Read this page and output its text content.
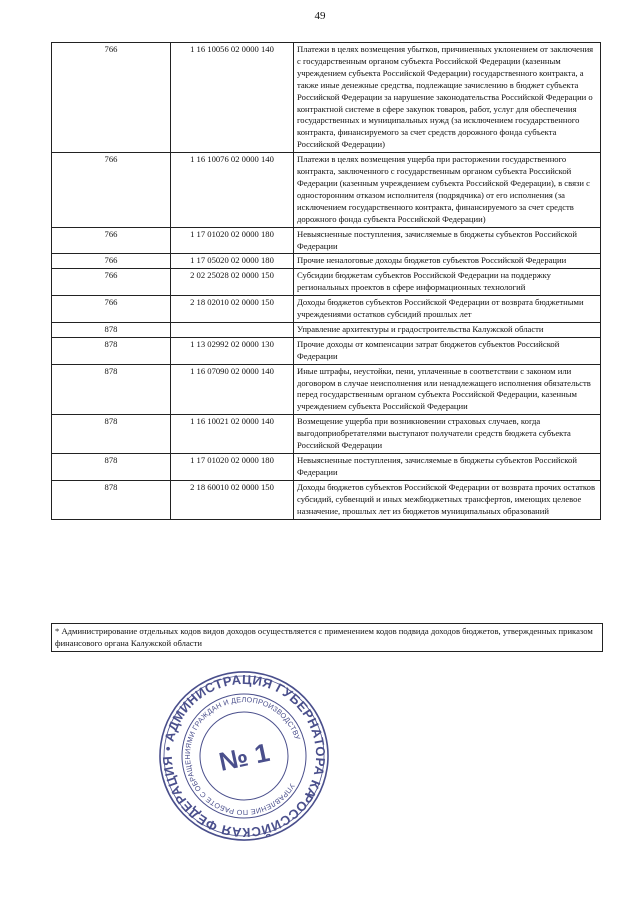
49
766	1 16 10056 02 0000 140	Платежи в целях возмещения убытков, причиненных уклонением от заключения с государственным органом субъекта Российской Федерации (казенным учреждением субъекта Российской Федерации) государственного контракта, а также иные денежные средства, подлежащие зачислению в бюджет субъекта Российской Федерации за нарушение законодательства Российской Федерации о контрактной системе в сфере закупок товаров, работ, услуг для обеспечения государственных и муниципальных нужд (за исключением государственного контракта, финансируемого за счет средств дорожного фонда субъекта Российской Федерации)
766	1 16 10076 02 0000 140	Платежи в целях возмещения ущерба при расторжении государственного контракта, заключенного с государственным органом субъекта Российской Федерации (казенным учреждением субъекта Российской Федерации), в связи с односторонним отказом исполнителя (подрядчика) от его исполнения (за исключением государственного контракта, финансируемого за счет средств дорожного фонда субъекта Российской Федерации)
766	1 17 01020 02 0000 180	Невыясненные поступления, зачисляемые в бюджеты субъектов Российской Федерации
766	1 17 05020 02 0000 180	Прочие неналоговые доходы бюджетов субъектов Российской Федерации
766	2 02 25028 02 0000 150	Субсидии бюджетам субъектов Российской Федерации на поддержку региональных проектов в сфере информационных технологий
766	2 18 02010 02 0000 150	Доходы бюджетов субъектов Российской Федерации от возврата бюджетными учреждениями остатков субсидий прошлых лет
878		Управление архитектуры и градостроительства Калужской области
878	1 13 02992 02 0000 130	Прочие доходы от компенсации затрат бюджетов субъектов Российской Федерации
878	1 16 07090 02 0000 140	Иные штрафы, неустойки, пени, уплаченные в соответствии с законом или договором в случае неисполнения или ненадлежащего исполнения обязательств перед государственным органом субъекта Российской Федерации, казенным учреждением субъекта Российской Федерации
878	1 16 10021 02 0000 140	Возмещение ущерба при возникновении страховых случаев, когда выгодоприобретателями выступают получатели средств бюджета субъекта Российской Федерации
878	1 17 01020 02 0000 180	Невыясненные поступления, зачисляемые в бюджеты субъектов Российской Федерации
878	2 18 60010 02 0000 150	Доходы бюджетов субъектов Российской Федерации от возврата прочих остатков субсидий, субвенций и иных межбюджетных трансфертов, имеющих целевое назначение, прошлых лет из бюджетов муниципальных образований
* Администрирование отдельных кодов видов доходов осуществляется с применением кодов подвида доходов бюджетов, утвержденных приказом финансового органа Калужской области
РОССИЙСКАЯ ФЕДЕРАЦИЯ • АДМИНИСТРАЦИЯ ГУБЕРНАТОРА КАЛУЖСКОЙ
УПРАВЛЕНИЕ ПО РАБОТЕ С ОБРАЩЕНИЯМИ ГРАЖДАН И ДЕЛОПРОИЗВОДСТВУ
№ 1
